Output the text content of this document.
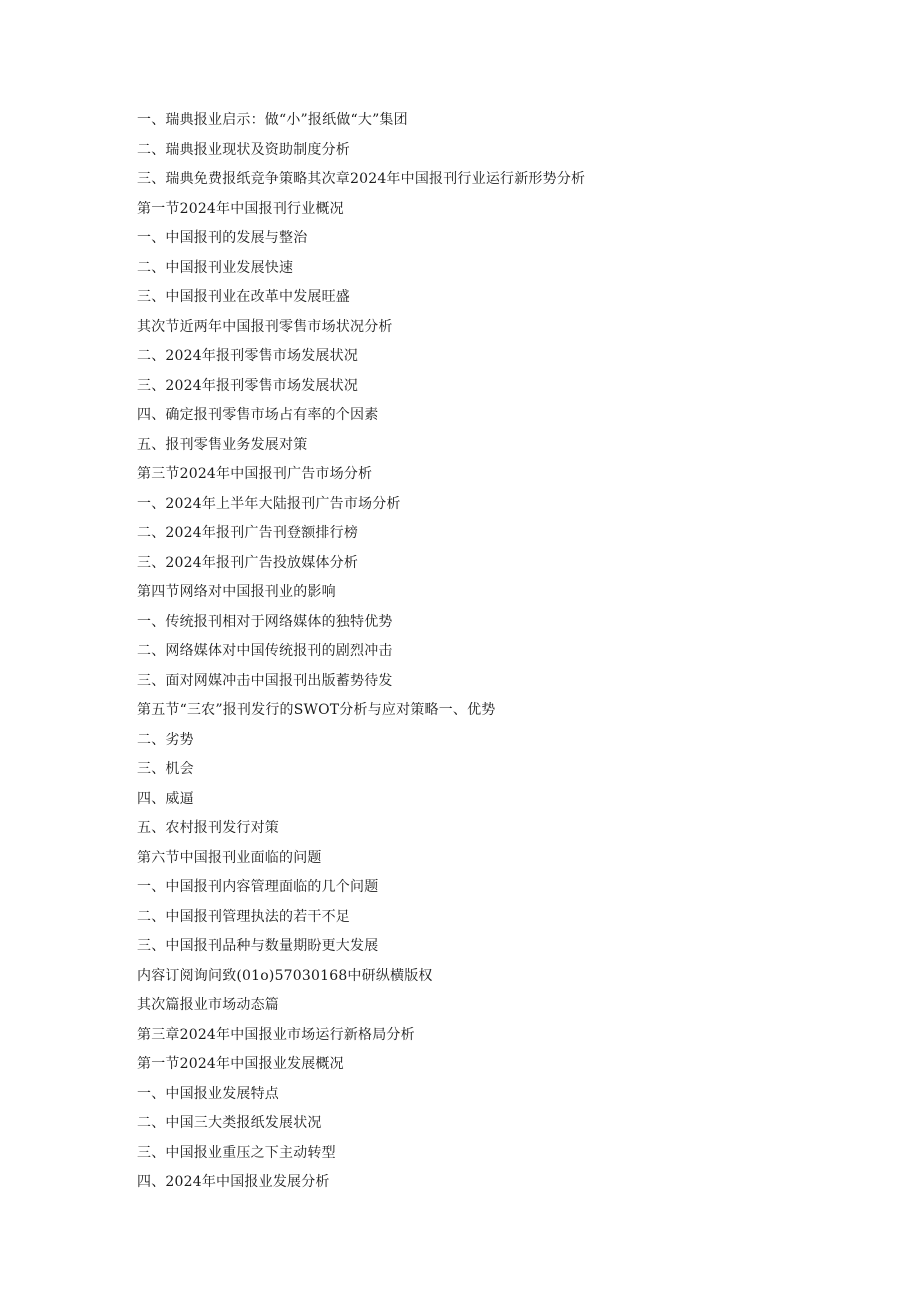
一、瑞典报业启示：做“小”报纸做“大”集团
二、瑞典报业现状及资助制度分析
三、瑞典免费报纸竞争策略其次章2024年中国报刊行业运行新形势分析
第一节2024年中国报刊行业概况
一、中国报刊的发展与整治
二、中国报刊业发展快速
三、中国报刊业在改革中发展旺盛
其次节近两年中国报刊零售市场状况分析
二、2024年报刊零售市场发展状况
三、2024年报刊零售市场发展状况
四、确定报刊零售市场占有率的个因素
五、报刊零售业务发展对策
第三节2024年中国报刊广告市场分析
一、2024年上半年大陆报刊广告市场分析
二、2024年报刊广告刊登额排行榜
三、2024年报刊广告投放媒体分析
第四节网络对中国报刊业的影响
一、传统报刊相对于网络媒体的独特优势
二、网络媒体对中国传统报刊的剧烈冲击
三、面对网媒冲击中国报刊出版蓄势待发
第五节“三农”报刊发行的SWOT分析与应对策略一、优势
二、劣势
三、机会
四、威逼
五、农村报刊发行对策
第六节中国报刊业面临的问题
一、中国报刊内容管理面临的几个问题
二、中国报刊管理执法的若干不足
三、中国报刊品种与数量期盼更大发展
内容订阅询问致(01o)57030168中研纵横版权
其次篇报业市场动态篇
第三章2024年中国报业市场运行新格局分析
第一节2024年中国报业发展概况
一、中国报业发展特点
二、中国三大类报纸发展状况
三、中国报业重压之下主动转型
四、2024年中国报业发展分析
